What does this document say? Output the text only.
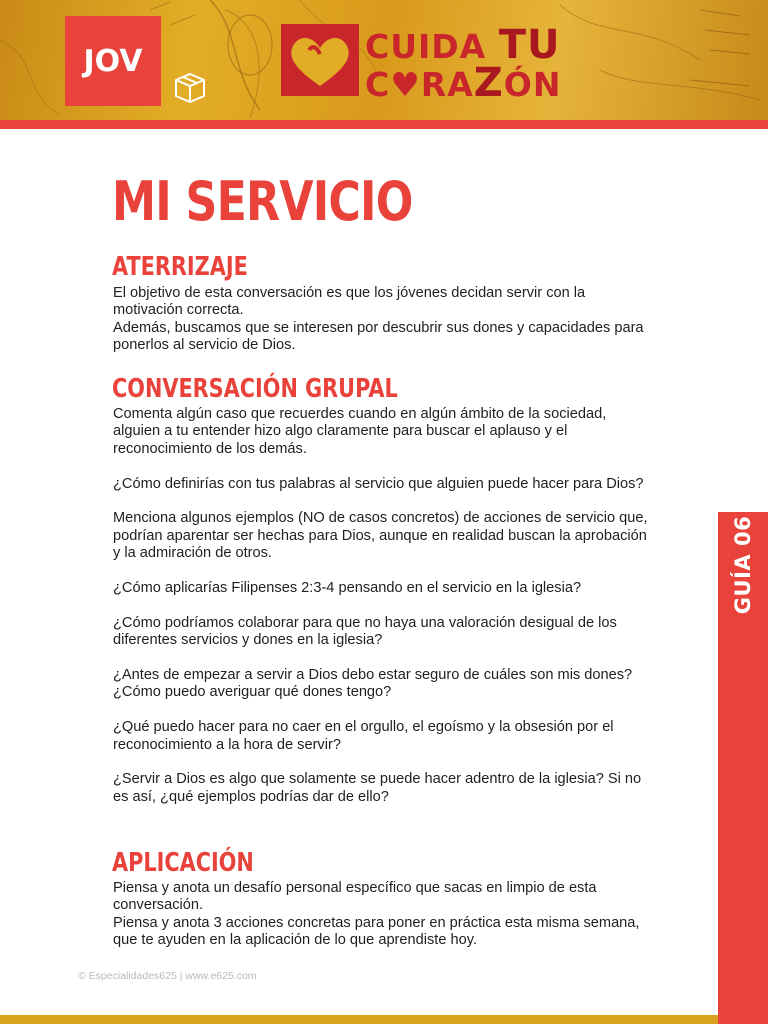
JOV	CUIDA TU
C♥RAZÓN
MI SERVICIO
ATERRIZAJE

El objetivo de esta conversación es que los jóvenes decidan servir con la motivación correcta.

Además, buscamos que se interesen por descubrir sus dones y capacidades para ponerlos al servicio de Dios.

CONVERSACIÓN GRUPAL

Comenta algún caso que recuerdes cuando en algún ámbito de la sociedad, alguien a tu entender hizo algo claramente para buscar el aplauso y el reconocimiento de los demás.

¿Cómo definirías con tus palabras al servicio que alguien puede hacer para Dios?

Menciona algunos ejemplos (NO de casos concretos) de acciones de servicio que, podrían aparentar ser hechas para Dios, aunque en realidad buscan la aprobación y la admiración de otros.

¿Cómo aplicarías Filipenses 2:3-4 pensando en el servicio en la iglesia?

¿Cómo podríamos colaborar para que no haya una valoración desigual de los diferentes servicios y dones en la iglesia?

¿Antes de empezar a servir a Dios debo estar seguro de cuáles son mis dones? ¿Cómo puedo averiguar qué dones tengo?

¿Qué puedo hacer para no caer en el orgullo, el egoísmo y la obsesión por el reconocimiento a la hora de servir?

¿Servir a Dios es algo que solamente se puede hacer adentro de la iglesia? Si no es así, ¿qué ejemplos podrías dar de ello?

APLICACIÓN

Piensa y anota un desafío personal específico que sacas en limpio de esta conversación.

Piensa y anota 3 acciones concretas para poner en práctica esta misma semana, que te ayuden en la aplicación de lo que aprendiste hoy.

© Especialidades625 | www.e625.com
GUÍA 06
